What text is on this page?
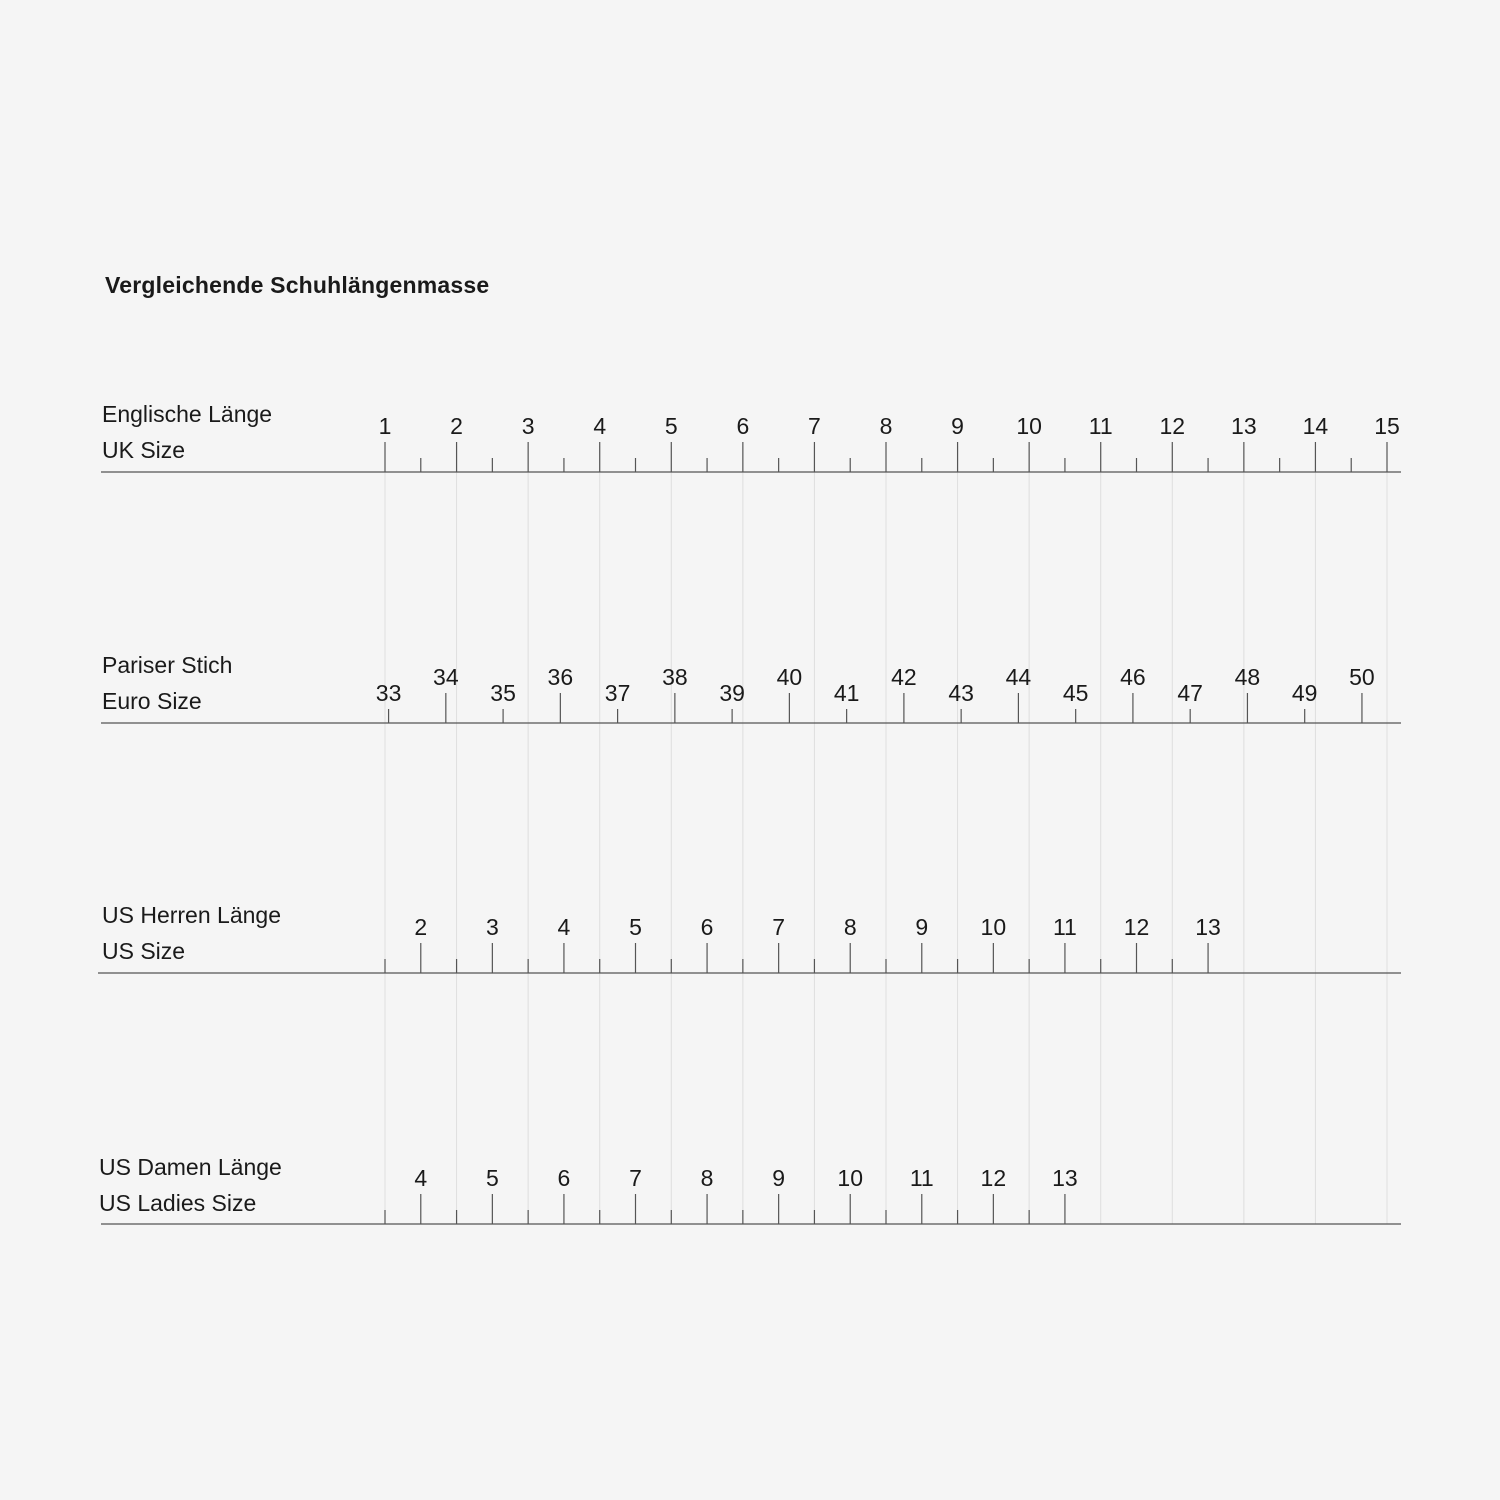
Vergleichende Schuhlängenmasse
Englische Länge
UK Size
Pariser Stich
Euro Size
US Herren Länge
US Size
US Damen Länge
US Ladies Size
1	2	3	4	5	6	7	8	9 10 11 12 13 14 15
33
34
35
36
37
38
39
40
41
42
43
44
45
46
47
48
49
50
2	3	4	5	6	7	8	9 10 11 12 13
4	5	6	7	8	9 10 11 12 13
